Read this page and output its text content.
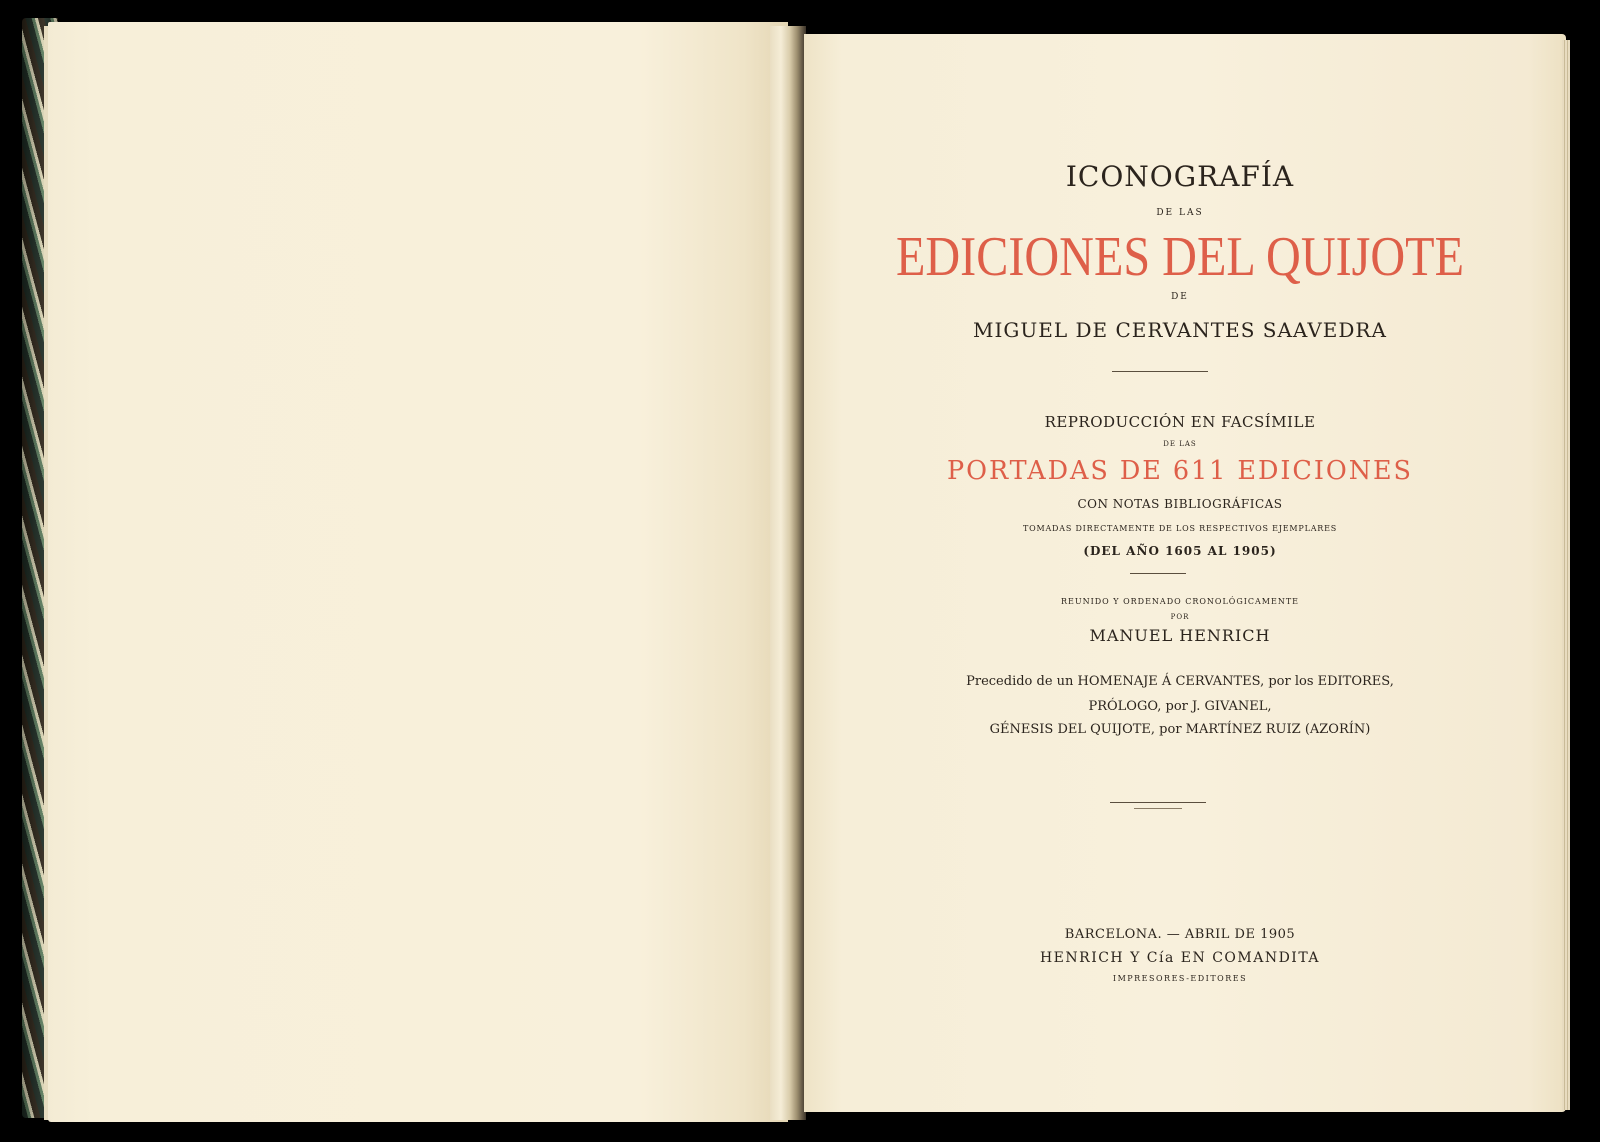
ICONOGRAFÍA
DE LAS
EDICIONES DEL QUIJOTE
DE
MIGUEL DE CERVANTES SAAVEDRA
REPRODUCCIÓN EN FACSÍMILE
DE LAS
PORTADAS DE 611 EDICIONES
CON NOTAS BIBLIOGRÁFICAS
TOMADAS DIRECTAMENTE DE LOS RESPECTIVOS EJEMPLARES
(DEL AÑO 1605 AL 1905)
REUNIDO Y ORDENADO CRONOLÓGICAMENTE
POR
MANUEL HENRICH
Precedido de un HOMENAJE Á CERVANTES, por los EDITORES,
PRÓLOGO, por J. GIVANEL,
GÉNESIS DEL QUIJOTE, por MARTÍNEZ RUIZ (AZORÍN)
BARCELONA. — ABRIL DE 1905
HENRICH Y Cía EN COMANDITA
IMPRESORES-EDITORES
